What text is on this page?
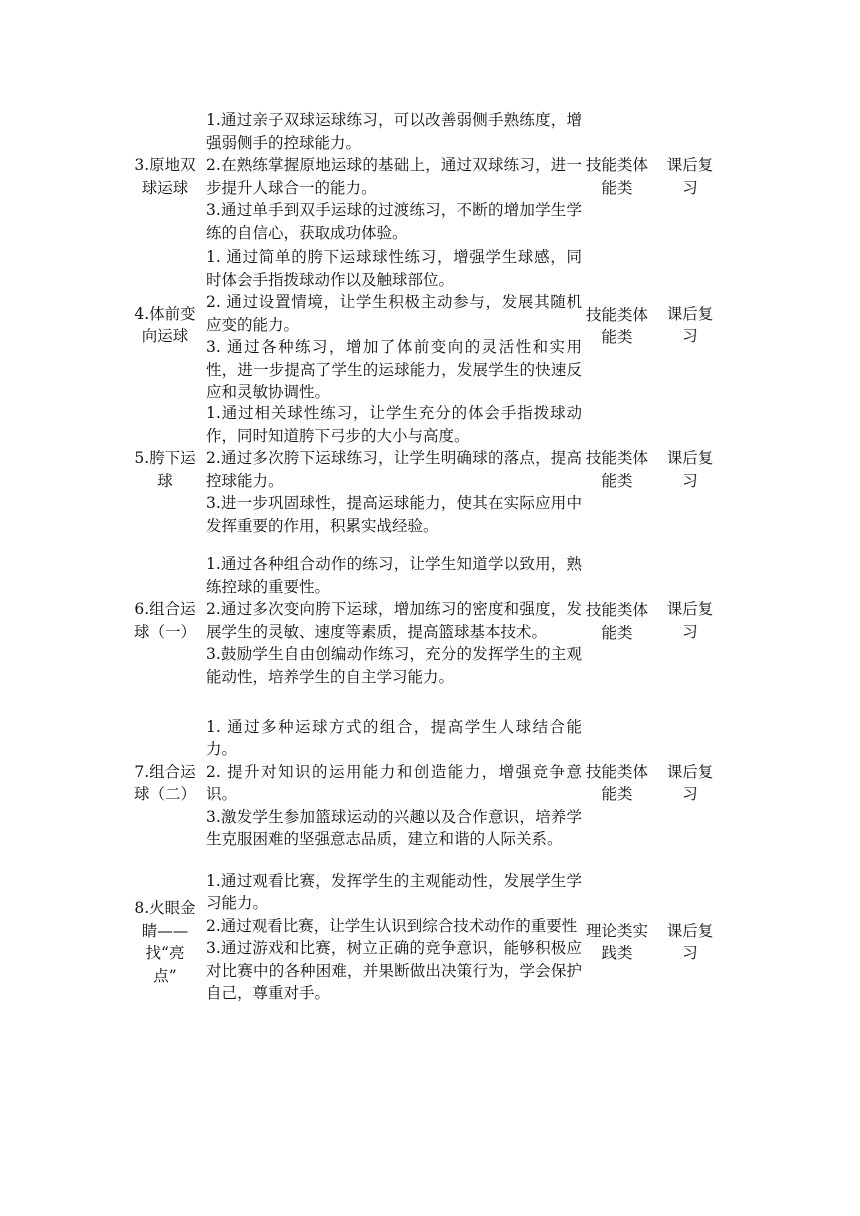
3.原地双球运球

1.通过亲子双球运球练习，可以改善弱侧手熟练度，增强弱侧手的控球能力。

2.在熟练掌握原地运球的基础上，通过双球练习，进一步提升人球合一的能力。

3.通过单手到双手运球的过渡练习，不断的增加学生学练的自信心，获取成功体验。

技能类体能类
课后复习
4.体前变向运球

1. 通过简单的胯下运球球性练习，增强学生球感，同时体会手指拨球动作以及触球部位。

2. 通过设置情境，让学生积极主动参与，发展其随机应变的能力。

3. 通过各种练习，增加了体前变向的灵活性和实用性，进一步提高了学生的运球能力，发展学生的快速反应和灵敏协调性。

技能类体能类
课后复习
5.胯下运球

1.通过相关球性练习，让学生充分的体会手指拨球动作，同时知道胯下弓步的大小与高度。

2.通过多次胯下运球练习，让学生明确球的落点，提高控球能力。

3.进一步巩固球性，提高运球能力，使其在实际应用中发挥重要的作用，积累实战经验。

技能类体能类
课后复习
6.组合运球（一）

1.通过各种组合动作的练习，让学生知道学以致用，熟练控球的重要性。

2.通过多次变向胯下运球，增加练习的密度和强度，发展学生的灵敏、速度等素质，提高篮球基本技术。

3.鼓励学生自由创编动作练习，充分的发挥学生的主观能动性，培养学生的自主学习能力。

技能类体能类
课后复习
7.组合运球（二）

1. 通过多种运球方式的组合，提高学生人球结合能力。

2. 提升对知识的运用能力和创造能力，增强竞争意识。

3.激发学生参加篮球运动的兴趣以及合作意识，培养学生克服困难的坚强意志品质，建立和谐的人际关系。

技能类体能类
课后复习
8.火眼金睛——找“亮点”

1.通过观看比赛，发挥学生的主观能动性，发展学生学习能力。

2.通过观看比赛，让学生认识到综合技术动作的重要性

3.通过游戏和比赛，树立正确的竞争意识，能够积极应对比赛中的各种困难，并果断做出决策行为，学会保护自己，尊重对手。

理论类实践类
课后复习
